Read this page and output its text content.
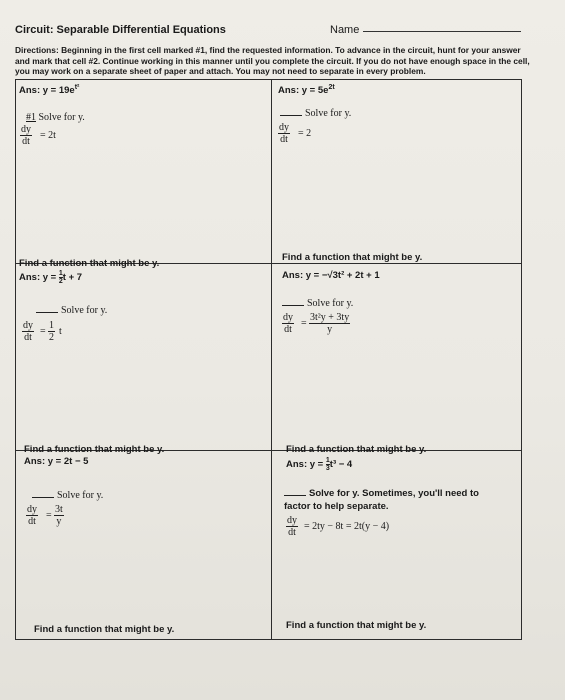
Circuit: Separable Differential Equations	Name
Directions: Beginning in the first cell marked #1, find the requested information. To advance in the circuit, hunt for your answer and mark that cell #2. Continue working in this manner until you complete the circuit. If you do not have enough space in the cell, you may work on a separate sheet of paper and attach. You may not need to separate in every problem.
Ans: $y = 19e^{t^2}$
#1 Solve for y.
$\frac{dy}{dt} = 2t$
Find a function that might be y.
Ans: $y = 5e^{2t}$
Solve for y.
$\frac{dy}{dt} = 2$
Find a function that might be y.
Ans: $y = \frac{1}{2}$ t + 7
Solve for y.
$\frac{dy}{dt} = \frac{1}{2}$ t
Ans: y = −√3t² + 2t + 1
Solve for y.
$\frac{dy}{dt} = \frac{\text{3t²y + 3ty}}{y}$
Find a function that might be y.
Ans: y = 2t − 5
Solve for y.
$\frac{dy}{dt} = \frac{3t}{y}$
Find a function that might be y.
Find a function that might be y.
Ans: $y = \frac{1}{3} t^3 - 4$
Solve for y. Sometimes, you'll need to
factor to help separate.
$\frac{dy}{dt} = 2ty - 8t = 2t(y - 4)$
Find a function that might be y.
